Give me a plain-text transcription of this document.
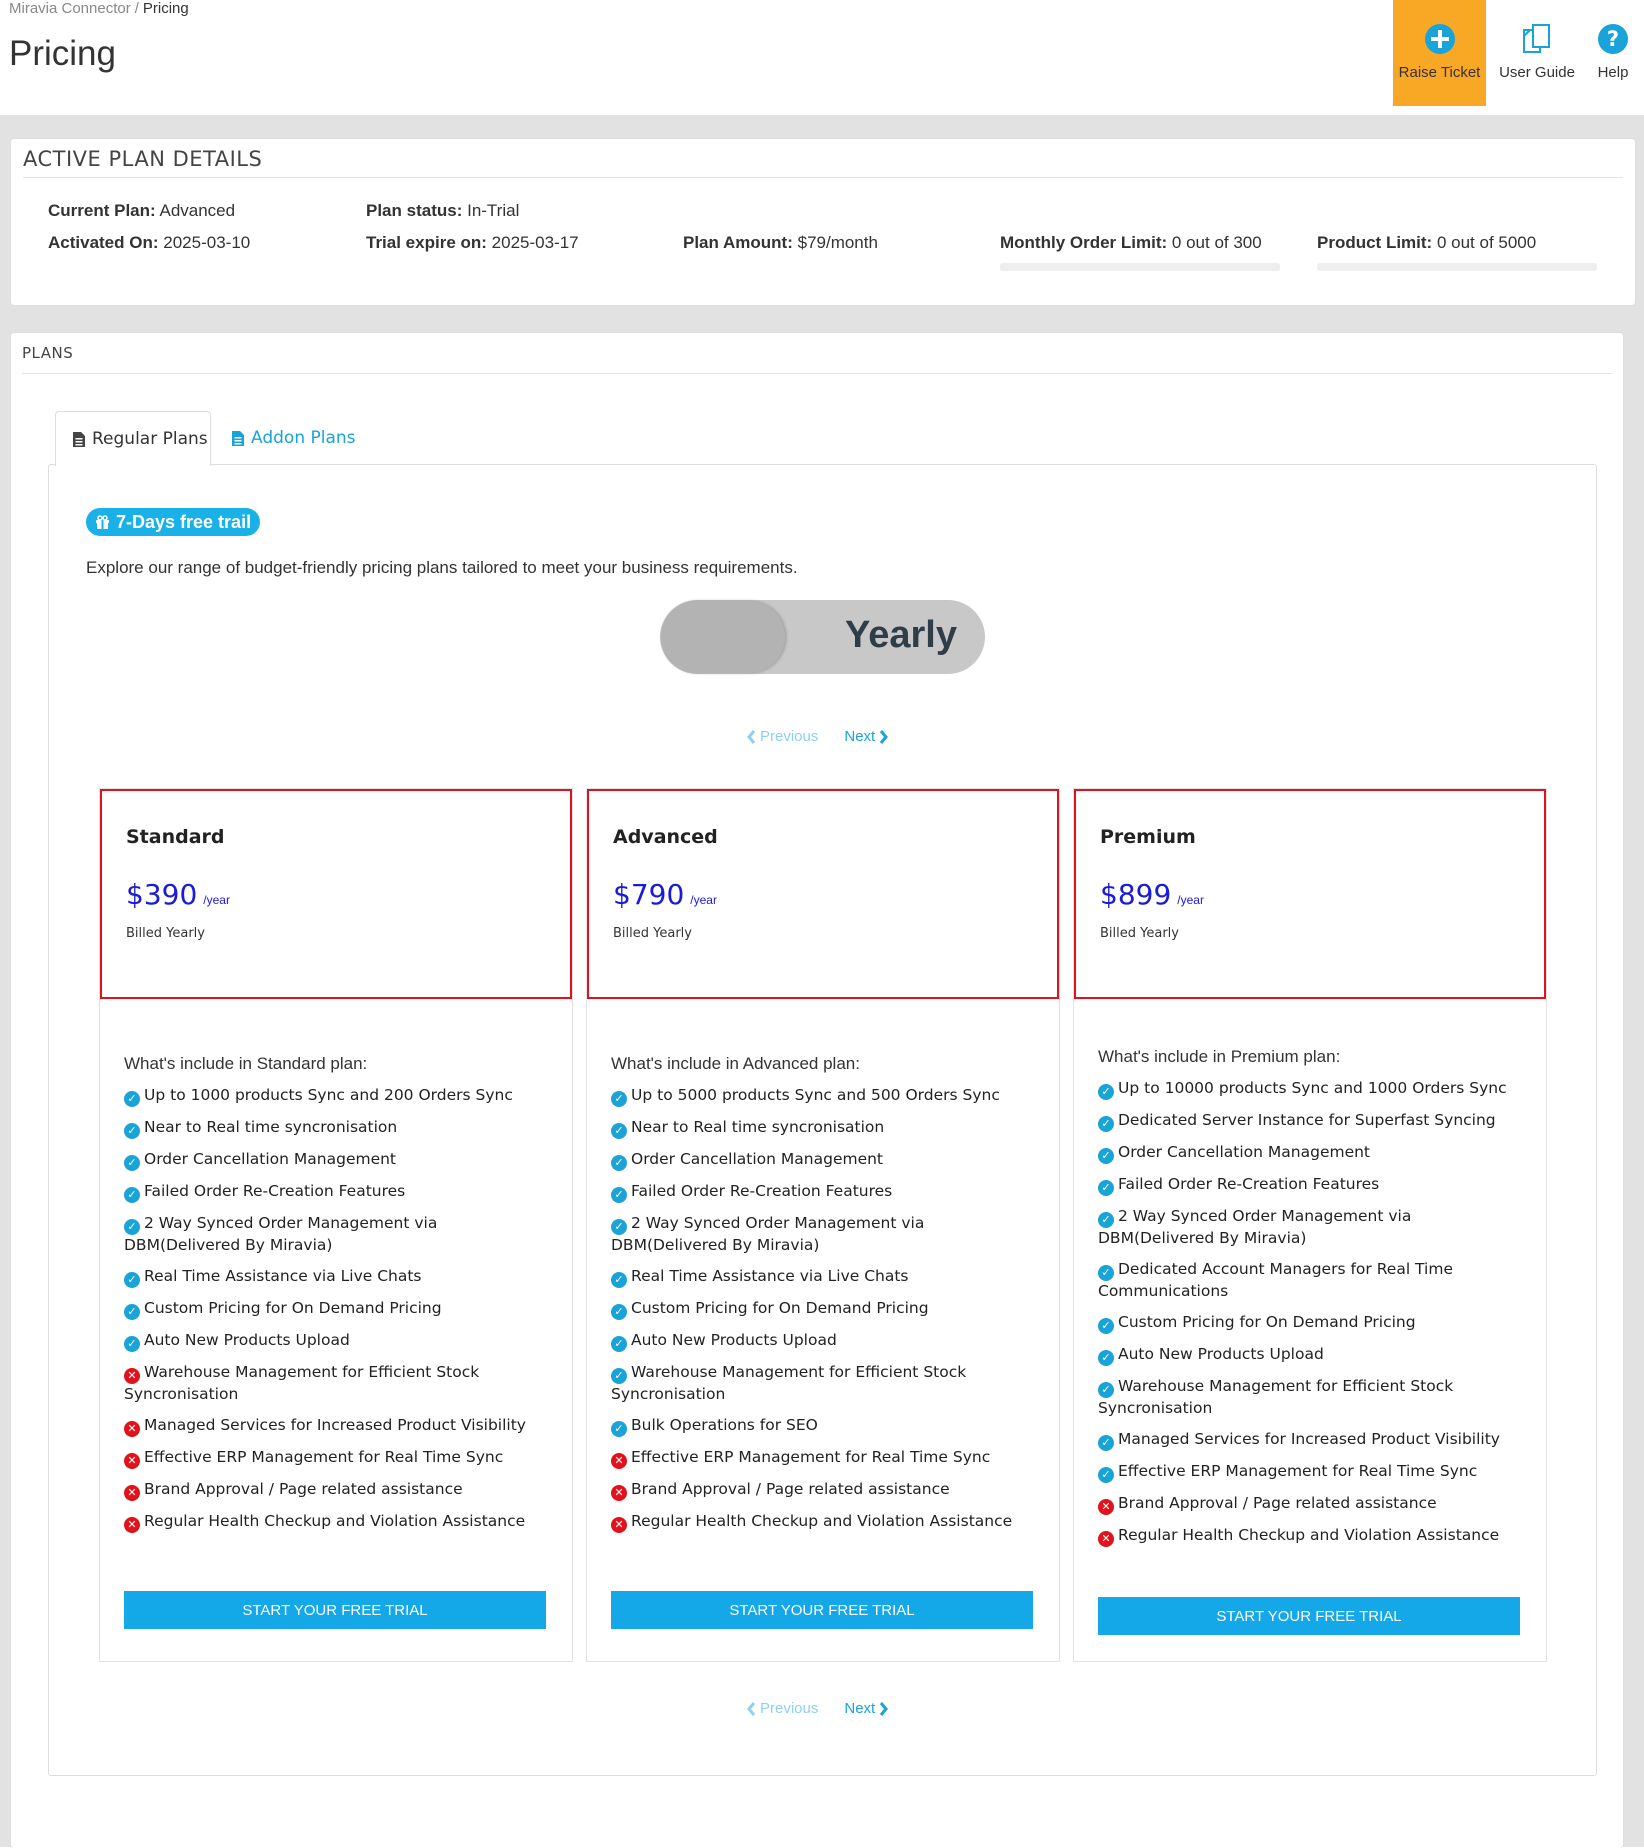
Miravia Connector / Pricing
Pricing	Raise Ticket	User Guide
?
Help
ACTIVE PLAN DETAILS
Current Plan: Advanced
Activated On: 2025-03-10
Plan status: In-Trial
Trial expire on: 2025-03-17	Plan Amount: $79/month	Monthly Order Limit: 0 out of 300	Product Limit: 0 out of 5000
PLANS
Regular Plans	Addon Plans
7-Days free trail
Explore our range of budget-friendly pricing plans tailored to meet your business requirements.
Yearly
Previous Next
Standard
$390 /year
Billed Yearly
What's include in Standard plan:
✓ Up to 1000 products Sync and 200 Orders Sync
✓ Near to Real time syncronisation
✓ Order Cancellation Management
✓ Failed Order Re-Creation Features
✓ 2 Way Synced Order Management via DBM(Delivered By Miravia)
✓ Real Time Assistance via Live Chats
✓ Custom Pricing for On Demand Pricing
✓ Auto New Products Upload
✕ Warehouse Management for Efficient Stock Syncronisation
✕ Managed Services for Increased Product Visibility
✕ Effective ERP Management for Real Time Sync
✕ Brand Approval / Page related assistance
✕ Regular Health Checkup and Violation Assistance
START YOUR FREE TRIAL
Advanced
$790 /year
Billed Yearly
What's include in Advanced plan:
✓ Up to 5000 products Sync and 500 Orders Sync
✓ Near to Real time syncronisation
✓ Order Cancellation Management
✓ Failed Order Re-Creation Features
✓ 2 Way Synced Order Management via DBM(Delivered By Miravia)
✓ Real Time Assistance via Live Chats
✓ Custom Pricing for On Demand Pricing
✓ Auto New Products Upload
✓ Warehouse Management for Efficient Stock Syncronisation
✓ Bulk Operations for SEO
✕ Effective ERP Management for Real Time Sync
✕ Brand Approval / Page related assistance
✕ Regular Health Checkup and Violation Assistance
START YOUR FREE TRIAL
Premium
$899 /year
Billed Yearly
What's include in Premium plan:
✓ Up to 10000 products Sync and 1000 Orders Sync
✓ Dedicated Server Instance for Superfast Syncing
✓ Order Cancellation Management
✓ Failed Order Re-Creation Features
✓ 2 Way Synced Order Management via DBM(Delivered By Miravia)
✓ Dedicated Account Managers for Real Time Communications
✓ Custom Pricing for On Demand Pricing
✓ Auto New Products Upload
✓ Warehouse Management for Efficient Stock Syncronisation
✓ Managed Services for Increased Product Visibility
✓ Effective ERP Management for Real Time Sync
✕ Brand Approval / Page related assistance
✕ Regular Health Checkup and Violation Assistance
START YOUR FREE TRIAL
Previous Next
